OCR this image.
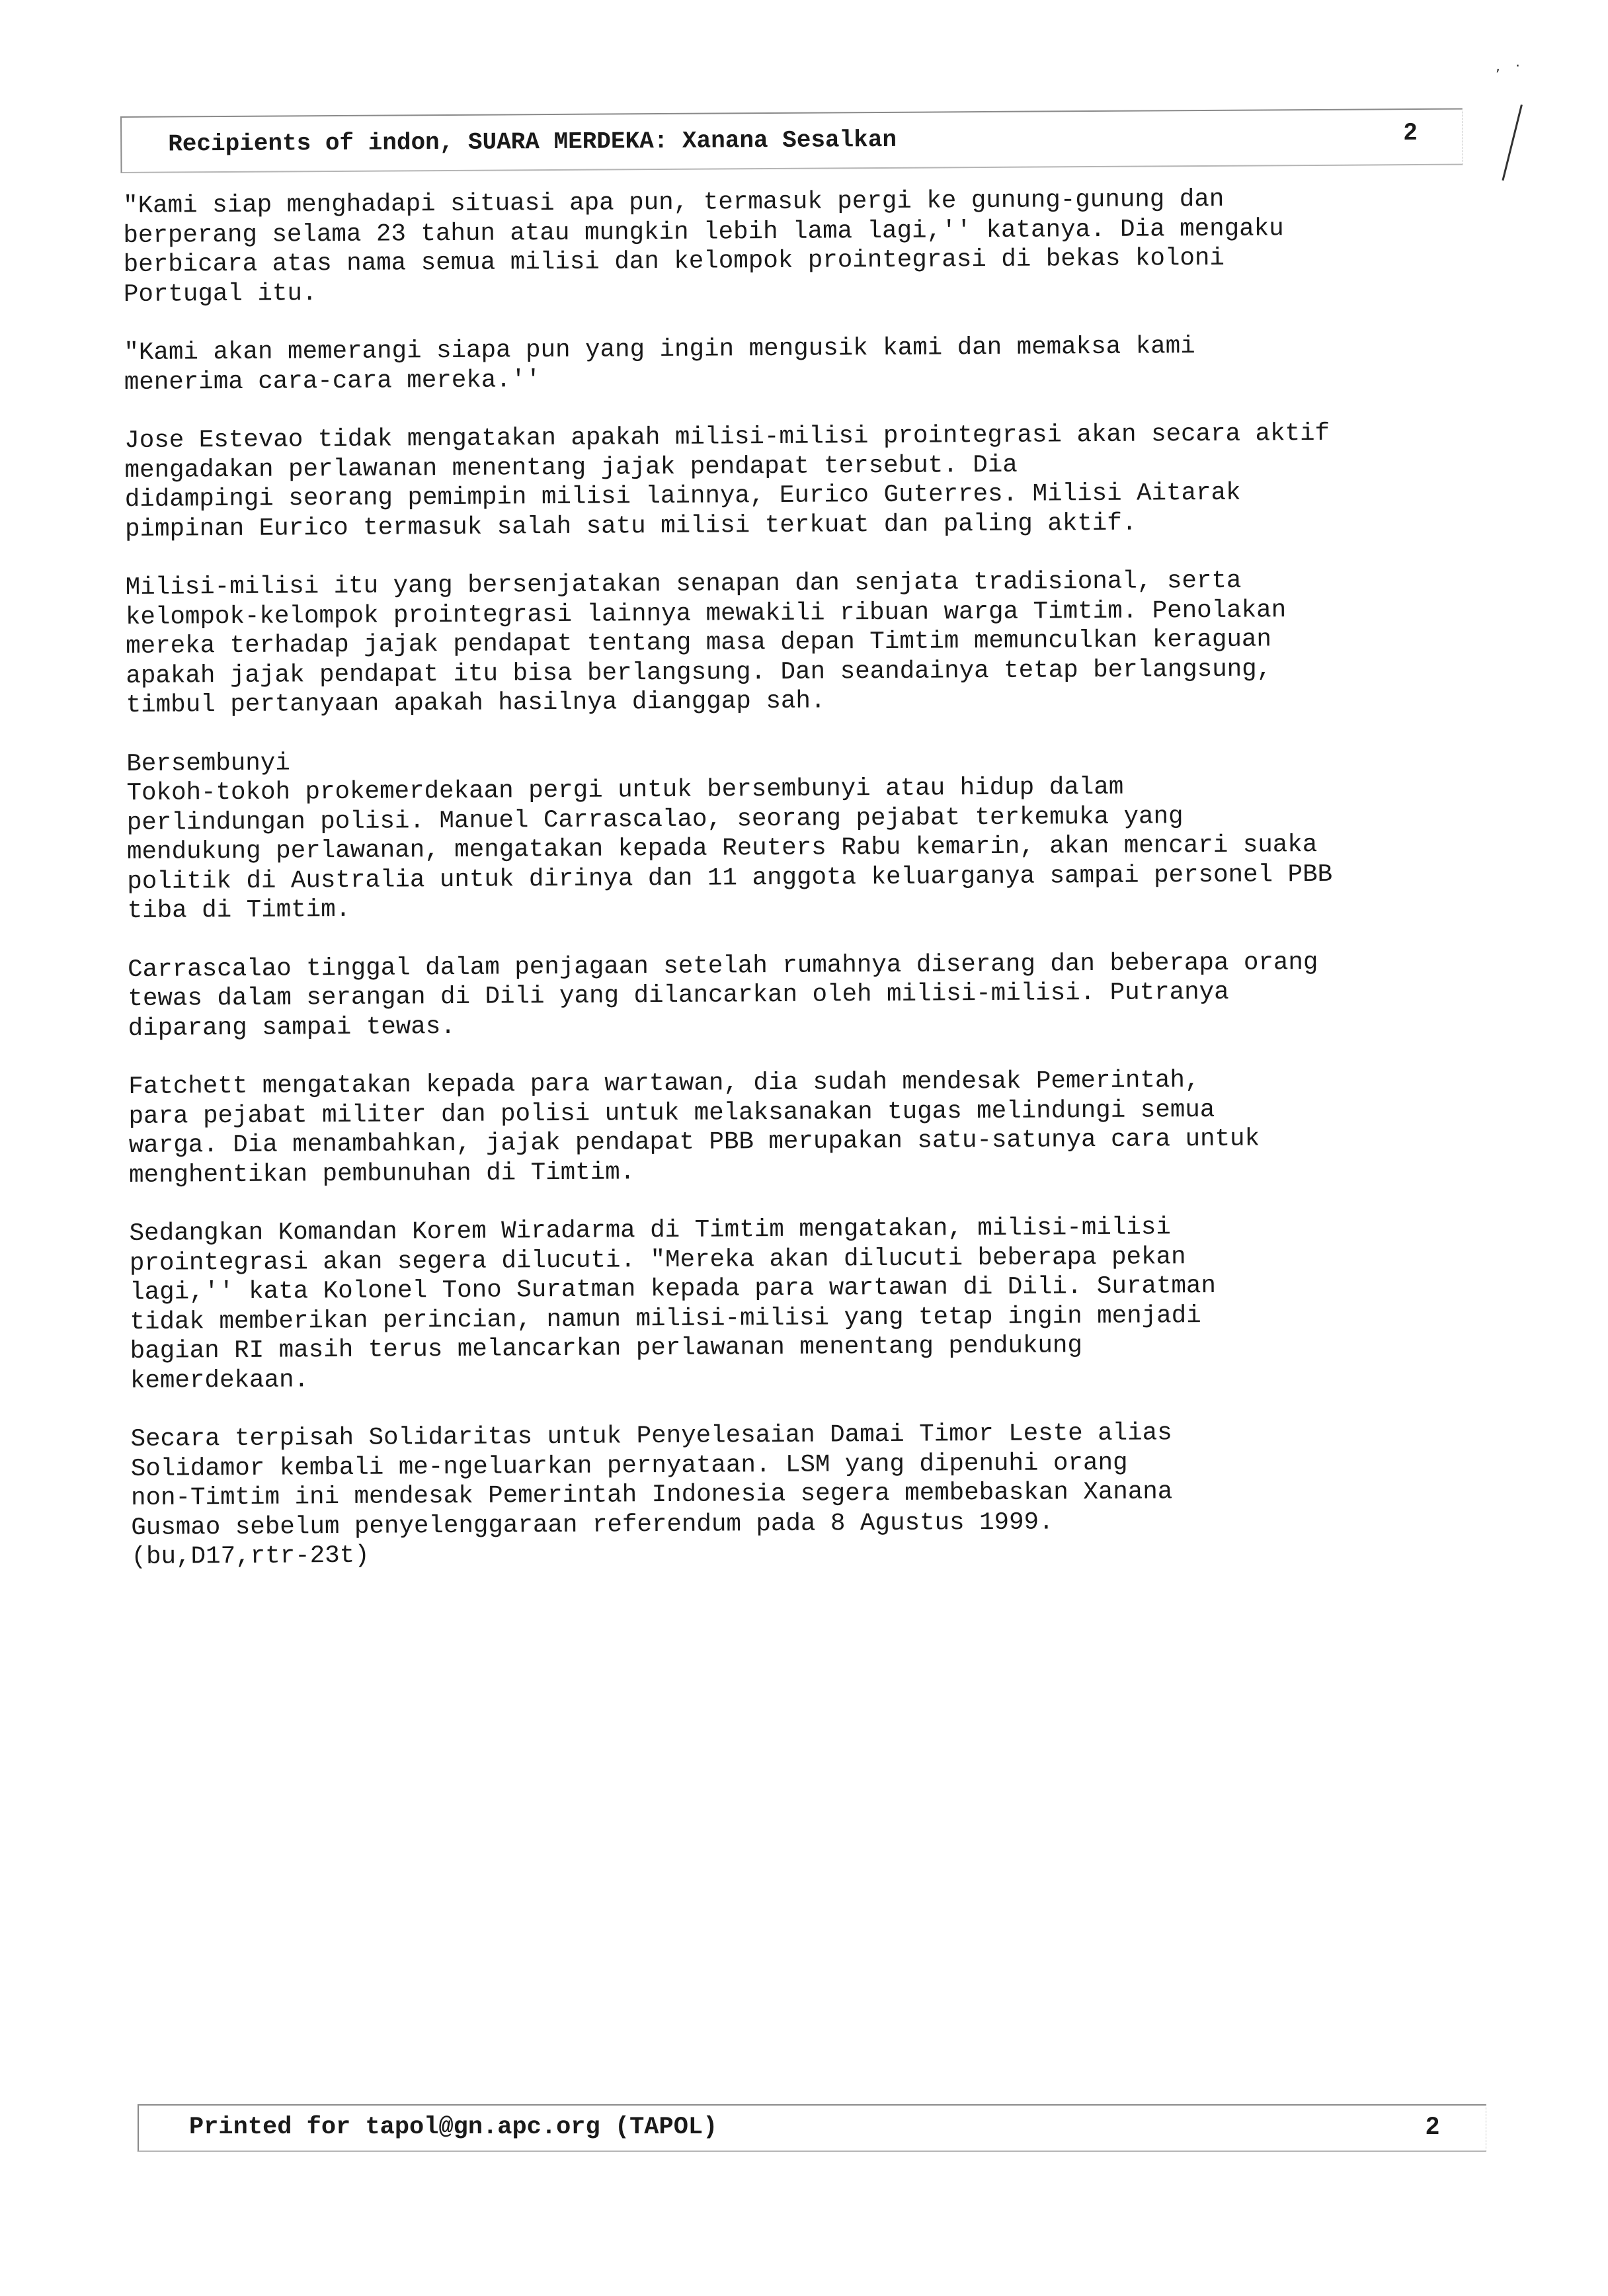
, ·
Recipients of indon, SUARA MERDEKA: Xanana Sesalkan	2
"Kami siap menghadapi situasi apa pun, termasuk pergi ke gunung-gunung dan
berperang selama 23 tahun atau mungkin lebih lama lagi,'' katanya. Dia mengaku
berbicara atas nama semua milisi dan kelompok prointegrasi di bekas koloni
Portugal itu.
"Kami akan memerangi siapa pun yang ingin mengusik kami dan memaksa kami
menerima cara-cara mereka.''
Jose Estevao tidak mengatakan apakah milisi-milisi prointegrasi akan secara aktif
mengadakan perlawanan menentang jajak pendapat tersebut. Dia
didampingi seorang pemimpin milisi lainnya, Eurico Guterres. Milisi Aitarak
pimpinan Eurico termasuk salah satu milisi terkuat dan paling aktif.
Milisi-milisi itu yang bersenjatakan senapan dan senjata tradisional, serta
kelompok-kelompok prointegrasi lainnya mewakili ribuan warga Timtim. Penolakan
mereka terhadap jajak pendapat tentang masa depan Timtim memunculkan keraguan
apakah jajak pendapat itu bisa berlangsung. Dan seandainya tetap berlangsung,
timbul pertanyaan apakah hasilnya dianggap sah.
Bersembunyi
Tokoh-tokoh prokemerdekaan pergi untuk bersembunyi atau hidup dalam
perlindungan polisi. Manuel Carrascalao, seorang pejabat terkemuka yang
mendukung perlawanan, mengatakan kepada Reuters Rabu kemarin, akan mencari suaka
politik di Australia untuk dirinya dan 11 anggota keluarganya sampai personel PBB
tiba di Timtim.
Carrascalao tinggal dalam penjagaan setelah rumahnya diserang dan beberapa orang
tewas dalam serangan di Dili yang dilancarkan oleh milisi-milisi. Putranya
diparang sampai tewas.
Fatchett mengatakan kepada para wartawan, dia sudah mendesak Pemerintah,
para pejabat militer dan polisi untuk melaksanakan tugas melindungi semua
warga. Dia menambahkan, jajak pendapat PBB merupakan satu-satunya cara untuk
menghentikan pembunuhan di Timtim.
Sedangkan Komandan Korem Wiradarma di Timtim mengatakan, milisi-milisi
prointegrasi akan segera dilucuti. "Mereka akan dilucuti beberapa pekan
lagi,'' kata Kolonel Tono Suratman kepada para wartawan di Dili. Suratman
tidak memberikan perincian, namun milisi-milisi yang tetap ingin menjadi
bagian RI masih terus melancarkan perlawanan menentang pendukung
kemerdekaan.
Secara terpisah Solidaritas untuk Penyelesaian Damai Timor Leste alias
Solidamor kembali me-ngeluarkan pernyataan. LSM yang dipenuhi orang
non-Timtim ini mendesak Pemerintah Indonesia segera membebaskan Xanana
Gusmao sebelum penyelenggaraan referendum pada 8 Agustus 1999.
(bu,D17,rtr-23t)
Printed for tapol@gn.apc.org (TAPOL)	2
